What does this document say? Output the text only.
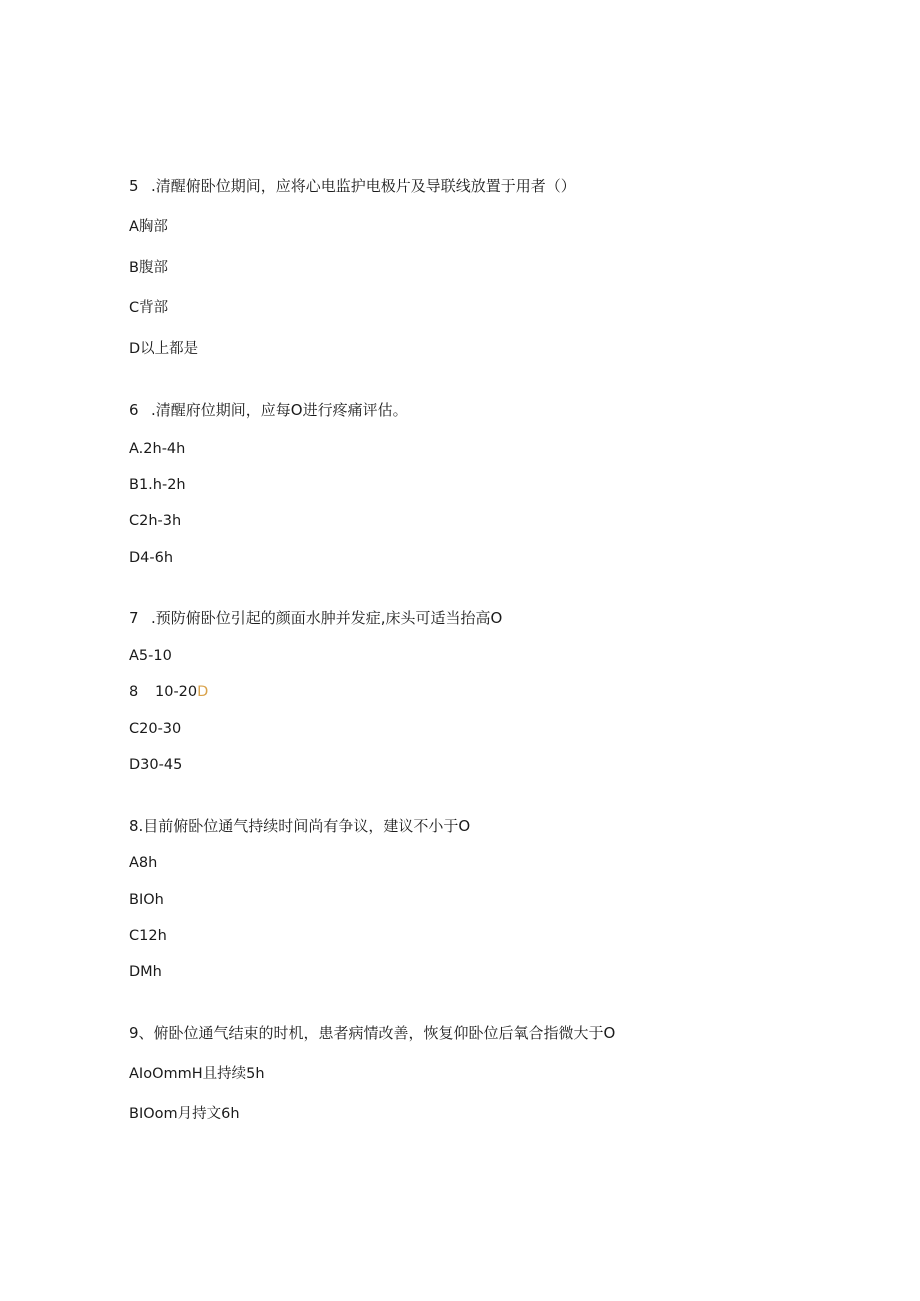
5 .清醒俯卧位期间，应将心电监护电极片及导联线放置于用者（）
A胸部
B腹部
C背部
D以上都是
6 .清醒府位期间，应每O进行疼痛评估。
A.2h-4h
B1.h-2h
C2h-3h
D4-6h
7 .预防俯卧位引起的颜面水肿并发症,床头可适当抬高O
A5-10
8 10-20D
C20-30
D30-45
8.目前俯卧位通气持续时间尚有争议，建议不小于O
A8h
BIOh
C12h
DMh
9、俯卧位通气结束的时机，患者病情改善，恢复仰卧位后氧合指微大于O
AIoOmmH且持续5h
BIOom月持文6h
